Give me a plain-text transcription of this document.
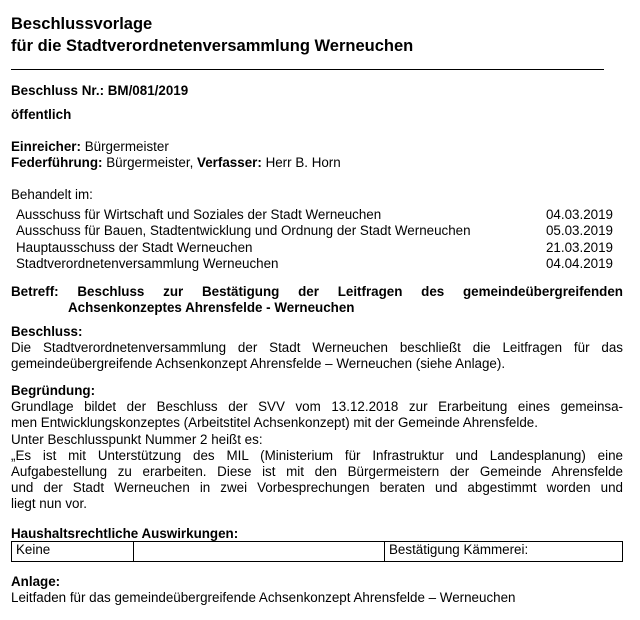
Beschlussvorlage
für die Stadtverordnetenversammlung Werneuchen
Beschluss Nr.: BM/081/2019
öffentlich
Einreicher: Bürgermeister
Federführung: Bürgermeister, Verfasser: Herr B. Horn
Behandelt im:
Ausschuss für Wirtschaft und Soziales der Stadt Werneuchen	04.03.2019
Ausschuss für Bauen, Stadtentwicklung und Ordnung der Stadt Werneuchen	05.03.2019
Hauptausschuss der Stadt Werneuchen	21.03.2019
Stadtverordnetenversammlung Werneuchen	04.04.2019
Betreff: Beschluss zur Bestätigung der Leitfragen des gemeindeübergreifenden
Achsenkonzeptes Ahrensfelde - Werneuchen
Beschluss:
Die Stadtverordnetenversammlung der Stadt Werneuchen beschließt die Leitfragen für das
gemeindeübergreifende Achsenkonzept Ahrensfelde – Werneuchen (siehe Anlage).
Begründung:
Grundlage bildet der Beschluss der SVV vom 13.12.2018 zur Erarbeitung eines gemeinsa-
men Entwicklungskonzeptes (Arbeitstitel Achsenkonzept) mit der Gemeinde Ahrensfelde.
Unter Beschlusspunkt Nummer 2 heißt es:
„Es ist mit Unterstützung des MIL (Ministerium für Infrastruktur und Landesplanung) eine
Aufgabestellung zu erarbeiten. Diese ist mit den Bürgermeistern der Gemeinde Ahrensfelde
und der Stadt Werneuchen in zwei Vorbesprechungen beraten und abgestimmt worden und
liegt nun vor.
Haushaltsrechtliche Auswirkungen:
Keine	Bestätigung Kämmerei:
Anlage:
Leitfaden für das gemeindeübergreifende Achsenkonzept Ahrensfelde – Werneuchen
